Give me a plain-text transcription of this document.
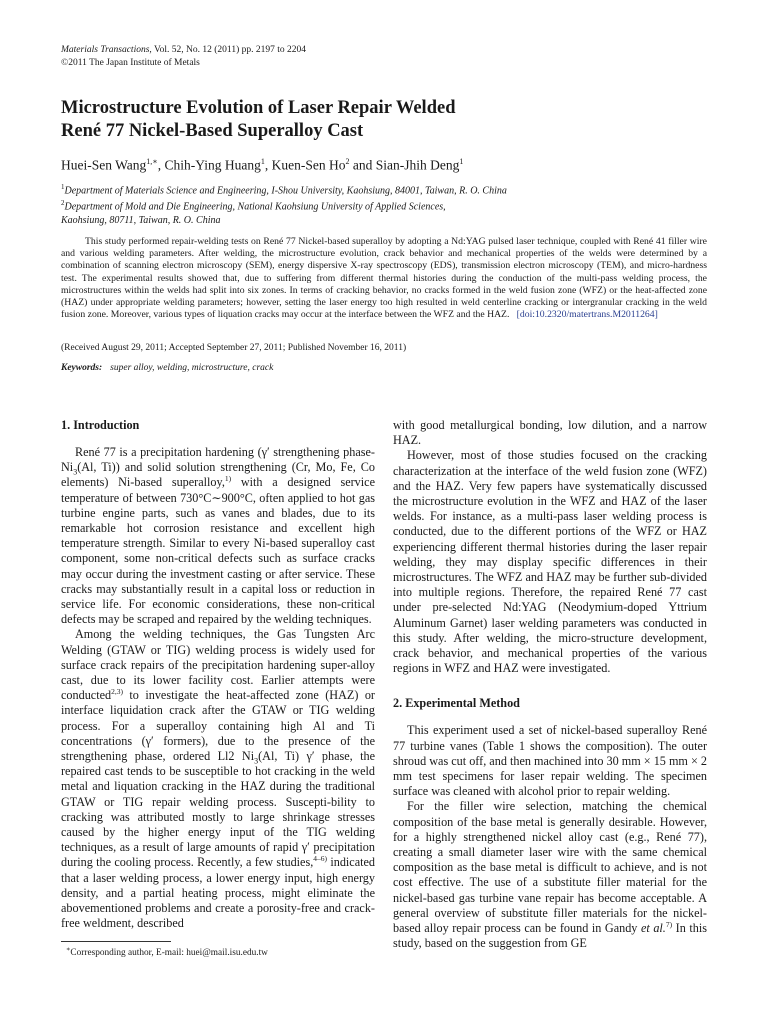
Materials Transactions, Vol. 52, No. 12 (2011) pp. 2197 to 2204
©2011 The Japan Institute of Metals
Microstructure Evolution of Laser Repair Welded
René 77 Nickel-Based Superalloy Cast
Huei-Sen Wang$^{1,∗}$, Chih-Ying Huang$^1$, Kuen-Sen Ho$^2$ and Sian-Jhih Deng$^1$
$^1$Department of Materials Science and Engineering, I-Shou University, Kaohsiung, 84001, Taiwan, R. O. China
$^2$Department of Mold and Die Engineering, National Kaohsiung University of Applied Sciences,
Kaohsiung, 80711, Taiwan, R. O. China
This study performed repair-welding tests on René 77 Nickel-based superalloy by adopting a Nd:YAG pulsed laser technique, coupled with René 41 filler wire and various welding parameters. After welding, the microstructure evolution, crack behavior and mechanical properties of the welds were determined by a combination of scanning electron microscopy (SEM), energy dispersive X-ray spectroscopy (EDS), transmission electron microscopy (TEM), and micro-hardness test. The experimental results showed that, due to suffering from different thermal histories during the conduction of the multi-pass welding process, the microstructures within the welds had split into six zones. In terms of cracking behavior, no cracks formed in the weld fusion zone (WFZ) or the heat-affected zone (HAZ) under appropriate welding parameters; however, setting the laser energy too high resulted in weld centerline cracking or intergranular cracking in the weld fusion zone. Moreover, various types of liquation cracks may occur at the interface between the WFZ and the HAZ. [doi:10.2320/matertrans.M2011264]
(Received August 29, 2011; Accepted September 27, 2011; Published November 16, 2011)
Keywords: super alloy, welding, microstructure, crack
1. Introduction

René 77 is a precipitation hardening (γ′ strengthening phase-$Ni_3(Al$, Ti)) and solid solution strengthening (Cr, Mo, Fe, Co elements) Ni-based superalloy,$^{1)}$ with a designed service temperature of between 730°C∼900°C, often applied to hot gas turbine engine parts, such as vanes and blades, due to its remarkable hot corrosion resistance and excellent high temperature strength. Similar to every Ni-based superalloy cast component, some non-critical defects such as surface cracks may occur during the investment casting or after service. These cracks may substantially result in a capital loss or reduction in service life. For economic considerations, these non-critical defects may be scraped and repaired by the welding techniques.

Among the welding techniques, the Gas Tungsten Arc Welding (GTAW or TIG) welding process is widely used for surface crack repairs of the precipitation hardening super-alloy cast, due to its lower facility cost. Earlier attempts were conducted$^{2,3)}$ to investigate the heat-affected zone (HAZ) or interface liquidation crack after the GTAW or TIG welding process. For a superalloy containing high Al and Ti concentrations (γ′ formers), due to the presence of the strengthening phase, ordered Ll2 $Ni_3(Al$, Ti) γ′ phase, the repaired cast tends to be susceptible to hot cracking in the weld metal and liquation cracking in the HAZ during the traditional GTAW or TIG repair welding process. Suscepti-bility to cracking was attributed mostly to large shrinkage stresses caused by the higher energy input of the TIG welding techniques, as a result of large amounts of rapid γ′ precipitation during the cooling process. Recently, a few studies,$^{4-6)}$ indicated that a laser welding process, a lower energy input, high energy density, and a partial heating process, might eliminate the abovementioned problems and create a porosity-free and crack-free weldment, described

with good metallurgical bonding, low dilution, and a narrow HAZ.

However, most of those studies focused on the cracking characterization at the interface of the weld fusion zone (WFZ) and the HAZ. Very few papers have systematically discussed the microstructure evolution in the WFZ and HAZ of the laser welds. For instance, as a multi-pass laser welding process is conducted, due to the different portions of the WFZ or HAZ experiencing different thermal histories during the laser repair welding, they may display specific differences in their microstructures. The WFZ and HAZ may be further sub-divided into multiple regions. Therefore, the repaired René 77 cast under pre-selected Nd:YAG (Neodymium-doped Yttrium Aluminum Garnet) laser welding parameters was conducted in this study. After welding, the micro-structure development, crack behavior, and mechanical properties of the various regions in WFZ and HAZ were investigated.

2. Experimental Method

This experiment used a set of nickel-based superalloy René 77 turbine vanes (Table 1 shows the composition). The outer shroud was cut off, and then machined into 30 mm × 15 mm × 2 mm test specimens for laser repair welding. The specimen surface was cleaned with alcohol prior to repair welding.

For the filler wire selection, matching the chemical composition of the base metal is generally desirable. However, for a highly strengthened nickel alloy cast (e.g., René 77), creating a small diameter laser wire with the same chemical composition as the base metal is difficult to achieve, and is not cost effective. The use of a substitute filler material for the nickel-based gas turbine vane repair has become acceptable. A general overview of substitute filler materials for the nickel-based alloy repair process can be found in Gandy et al.$^{7)}$ In this study, based on the suggestion from GE

∗Corresponding author, E-mail: huei@mail.isu.edu.tw
